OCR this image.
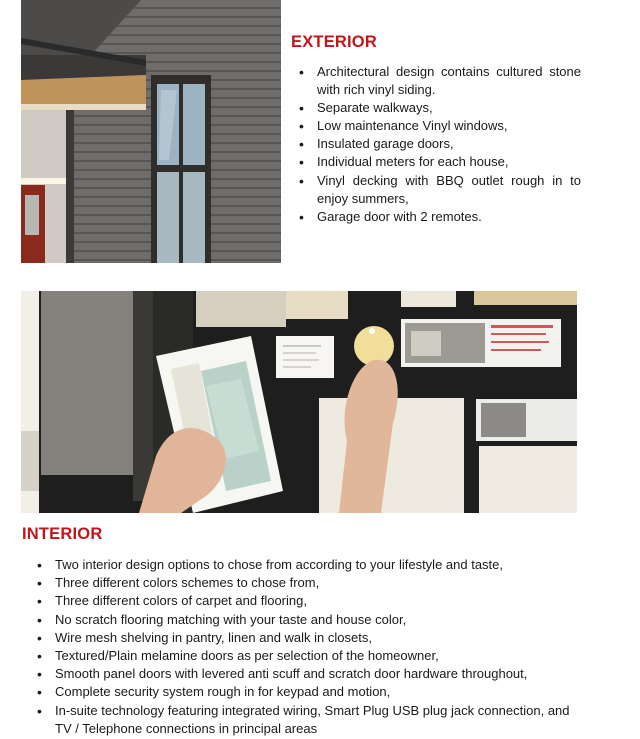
EXTERIOR
• Architectural design contains cultured stone with rich vinyl siding.
• Separate walkways,
• Low maintenance Vinyl windows,
• Insulated garage doors,
• Individual meters for each house,
• Vinyl decking with BBQ outlet rough in to enjoy summers,
• Garage door with 2 remotes.
INTERIOR
• Two interior design options to chose from according to your lifestyle and taste,
• Three different colors schemes to chose from,
• Three different colors of carpet and flooring,
• No scratch flooring matching with your taste and house color,
• Wire mesh shelving in pantry, linen and walk in closets,
• Textured/Plain melamine doors as per selection of the homeowner,
• Smooth panel doors with levered anti scuff and scratch door hardware throughout,
• Complete security system rough in for keypad and motion,
• In-suite technology featuring integrated wiring, Smart Plug USB plug jack connection, and TV / Telephone connections in principal areas
